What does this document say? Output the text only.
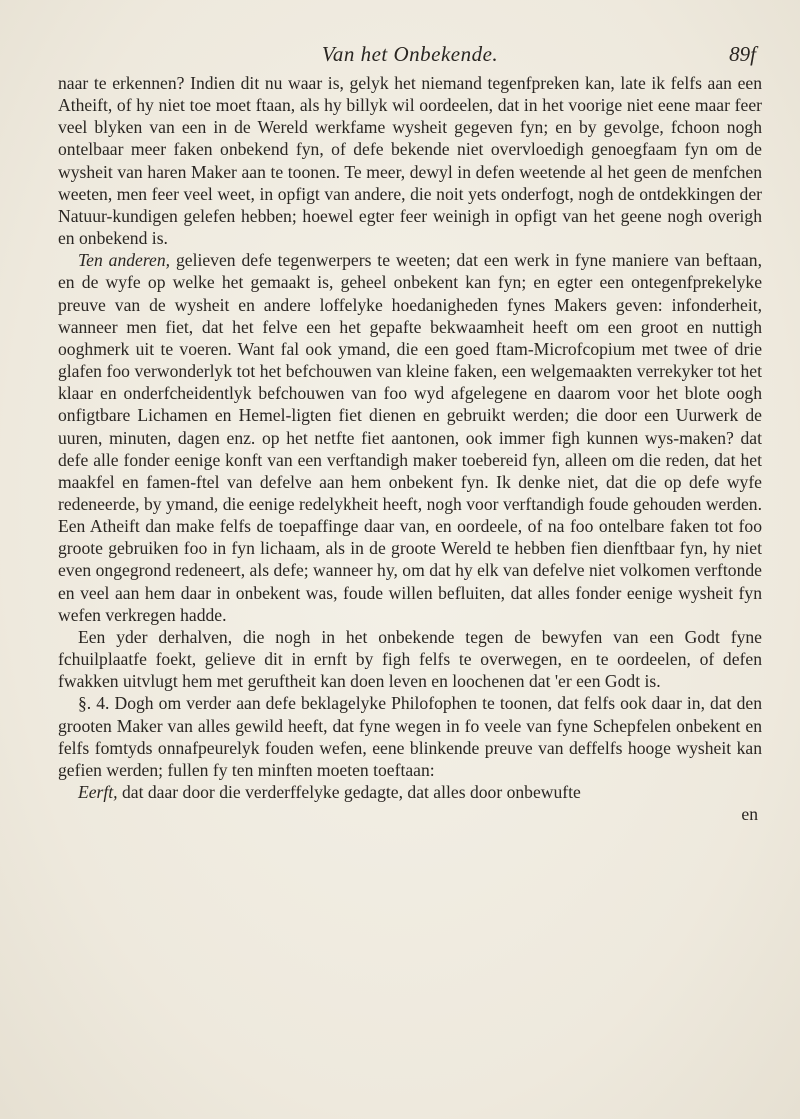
Van het Onbekende.	89f

naar te erkennen? Indien dit nu waar is, gelyk het niemand tegenfpreken kan, late ik felfs aan een Atheift, of hy niet toe moet ftaan, als hy billyk wil oordeelen, dat in het voorige niet eene maar feer veel blyken van een in de Wereld werkfame wysheit gegeven fyn; en by gevolge, fchoon nogh ontelbaar meer faken onbekend fyn, of defe bekende niet overvloedigh genoegfaam fyn om de wysheit van haren Maker aan te toonen. Te meer, dewyl in defen weetende al het geen de menfchen weeten, men feer veel weet, in opfigt van andere, die noit yets onderfogt, nogh de ontdekkingen der Natuur-kundigen gelefen hebben; hoewel egter feer weinigh in opfigt van het geene nogh overigh en onbekend is.

Ten anderen, gelieven defe tegenwerpers te weeten; dat een werk in fyne maniere van beftaan, en de wyfe op welke het gemaakt is, geheel onbekent kan fyn; en egter een ontegenfprekelyke preuve van de wysheit en andere loffelyke hoedanigheden fynes Makers geven: infonderheit, wanneer men fiet, dat het felve een het gepafte bekwaamheit heeft om een groot en nuttigh ooghmerk uit te voeren. Want fal ook ymand, die een goed ftam-Microfcopium met twee of drie glafen foo verwonderlyk tot het befchouwen van kleine faken, een welgemaakten verrekyker tot het klaar en onderfcheidentlyk befchouwen van foo wyd afgelegene en daarom voor het blote oogh onfigtbare Lichamen en Hemel-ligten fiet dienen en gebruikt werden; die door een Uurwerk de uuren, minuten, dagen enz. op het netfte fiet aantonen, ook immer figh kunnen wys-maken? dat defe alle fonder eenige konft van een verftandigh maker toebereid fyn, alleen om die reden, dat het maakfel en famen-ftel van defelve aan hem onbekent fyn. Ik denke niet, dat die op defe wyfe redeneerde, by ymand, die eenige redelykheit heeft, nogh voor verftandigh foude gehouden werden. Een Atheift dan make felfs de toepaffinge daar van, en oordeele, of na foo ontelbare faken tot foo groote gebruiken foo in fyn lichaam, als in de groote Wereld te hebben fien dienftbaar fyn, hy niet even ongegrond redeneert, als defe; wanneer hy, om dat hy elk van defelve niet volkomen verftonde en veel aan hem daar in onbekent was, foude willen befluiten, dat alles fonder eenige wysheit fyn wefen verkregen hadde.

Een yder derhalven, die nogh in het onbekende tegen de bewyfen van een Godt fyne fchuilplaatfe foekt, gelieve dit in ernft by figh felfs te overwegen, en te oordeelen, of defen fwakken uitvlugt hem met geruftheit kan doen leven en loochenen dat 'er een Godt is.

§. 4. Dogh om verder aan defe beklagelyke Philofophen te toonen, dat felfs ook daar in, dat den grooten Maker van alles gewild heeft, dat fyne wegen in fo veele van fyne Schepfelen onbekent en felfs fomtyds onnafpeurelyk fouden wefen, eene blinkende preuve van deffelfs hooge wysheit kan gefien werden; fullen fy ten minften moeten toeftaan:

Eerft, dat daar door die verderffelyke gedagte, dat alles door onbewufte

en
